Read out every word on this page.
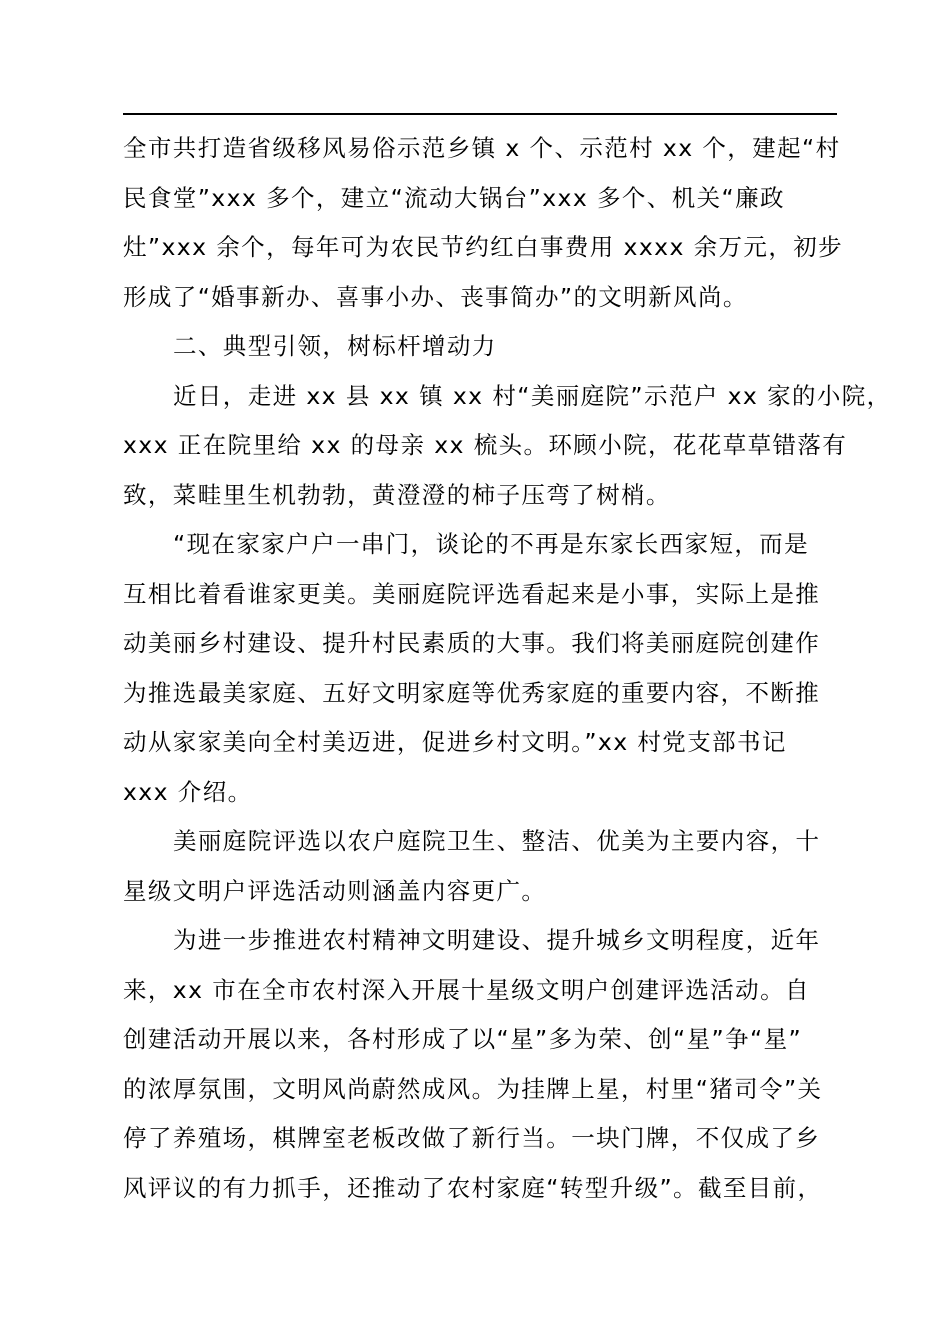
全市共打造省级移风易俗示范乡镇 x 个、示范村 xx 个，建起“村
民食堂”xxx 多个，建立“流动大锅台”xxx 多个、机关“廉政
灶”xxx 余个，每年可为农民节约红白事费用 xxxx 余万元，初步
形成了“婚事新办、喜事小办、丧事简办”的文明新风尚。
二、典型引领，树标杆增动力
近日，走进 xx 县 xx 镇 xx 村“美丽庭院”示范户 xx 家的小院，
xxx 正在院里给 xx 的母亲 xx 梳头。环顾小院，花花草草错落有
致，菜畦里生机勃勃，黄澄澄的柿子压弯了树梢。
“现在家家户户一串门，谈论的不再是东家长西家短，而是
互相比着看谁家更美。美丽庭院评选看起来是小事，实际上是推
动美丽乡村建设、提升村民素质的大事。我们将美丽庭院创建作
为推选最美家庭、五好文明家庭等优秀家庭的重要内容，不断推
动从家家美向全村美迈进，促进乡村文明。”xx 村党支部书记
xxx 介绍。
美丽庭院评选以农户庭院卫生、整洁、优美为主要内容，十
星级文明户评选活动则涵盖内容更广。
为进一步推进农村精神文明建设、提升城乡文明程度，近年
来，xx 市在全市农村深入开展十星级文明户创建评选活动。自
创建活动开展以来，各村形成了以“星”多为荣、创“星”争“星”
的浓厚氛围，文明风尚蔚然成风。为挂牌上星，村里“猪司令”关
停了养殖场，棋牌室老板改做了新行当。一块门牌，不仅成了乡
风评议的有力抓手，还推动了农村家庭“转型升级”。截至目前，
